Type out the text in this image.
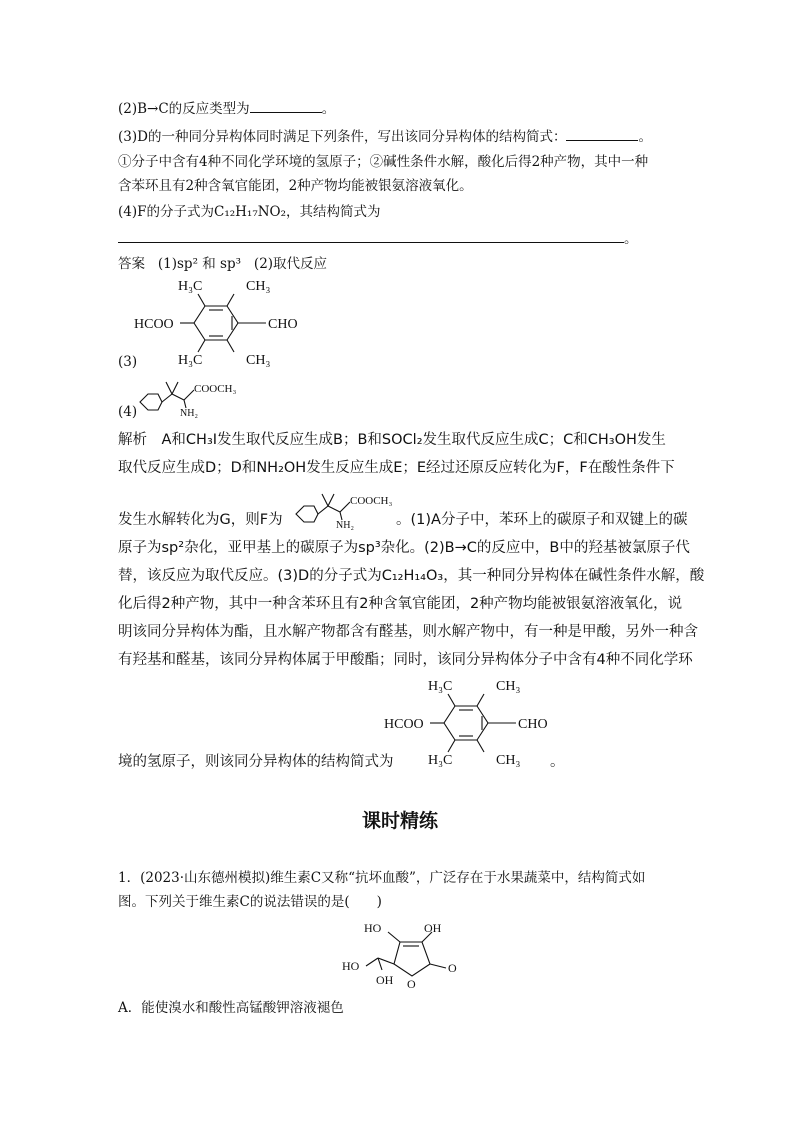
(2)B→C的反应类型为	。
(3)D的一种同分异构体同时满足下列条件，写出该同分异构体的结构简式：	。
①分子中含有4种不同化学环境的氢原子；②碱性条件水解，酸化后得2种产物，其中一种
含苯环且有2种含氧官能团，2种产物均能被银氨溶液氧化。
(4)F的分子式为C₁₂H₁₇NO₂，其结构简式为
。
答案 (1)sp² 和 sp³ (2)取代反应
H₃C	CH₃
HCOO	CHO
H₃C	CH₃
(3)
COOCH₃
NH₂
(4)
解析　A和CH₃I发生取代反应生成B；B和SOCl₂发生取代反应生成C；C和CH₃OH发生
取代反应生成D；D和NH₂OH发生反应生成E；E经过还原反应转化为F，F在酸性条件下
发生水解转化为G，则F为
COOCH₃
NH₂	。(1)A分子中，苯环上的碳原子和双键上的碳
原子为sp²杂化，亚甲基上的碳原子为sp³杂化。(2)B→C的反应中，B中的羟基被氯原子代
替，该反应为取代反应。(3)D的分子式为C₁₂H₁₄O₃，其一种同分异构体在碱性条件水解，酸
化后得2种产物，其中一种含苯环且有2种含氧官能团，2种产物均能被银氨溶液氧化，说
明该同分异构体为酯，且水解产物都含有醛基，则水解产物中，有一种是甲酸，另外一种含
有羟基和醛基，该同分异构体属于甲酸酯；同时，该同分异构体分子中含有4种不同化学环
H₃C	CH₃
HCOO	CHO
H₃C	CH₃
境的氢原子，则该同分异构体的结构简式为	。
课时精练
1．(2023·山东德州模拟)维生素C又称“抗坏血酸”，广泛存在于水果蔬菜中，结构简式如
图。下列关于维生素C的说法错误的是(　　)
HO	OH
O
O
HO
OH
A．能使溴水和酸性高锰酸钾溶液褪色
